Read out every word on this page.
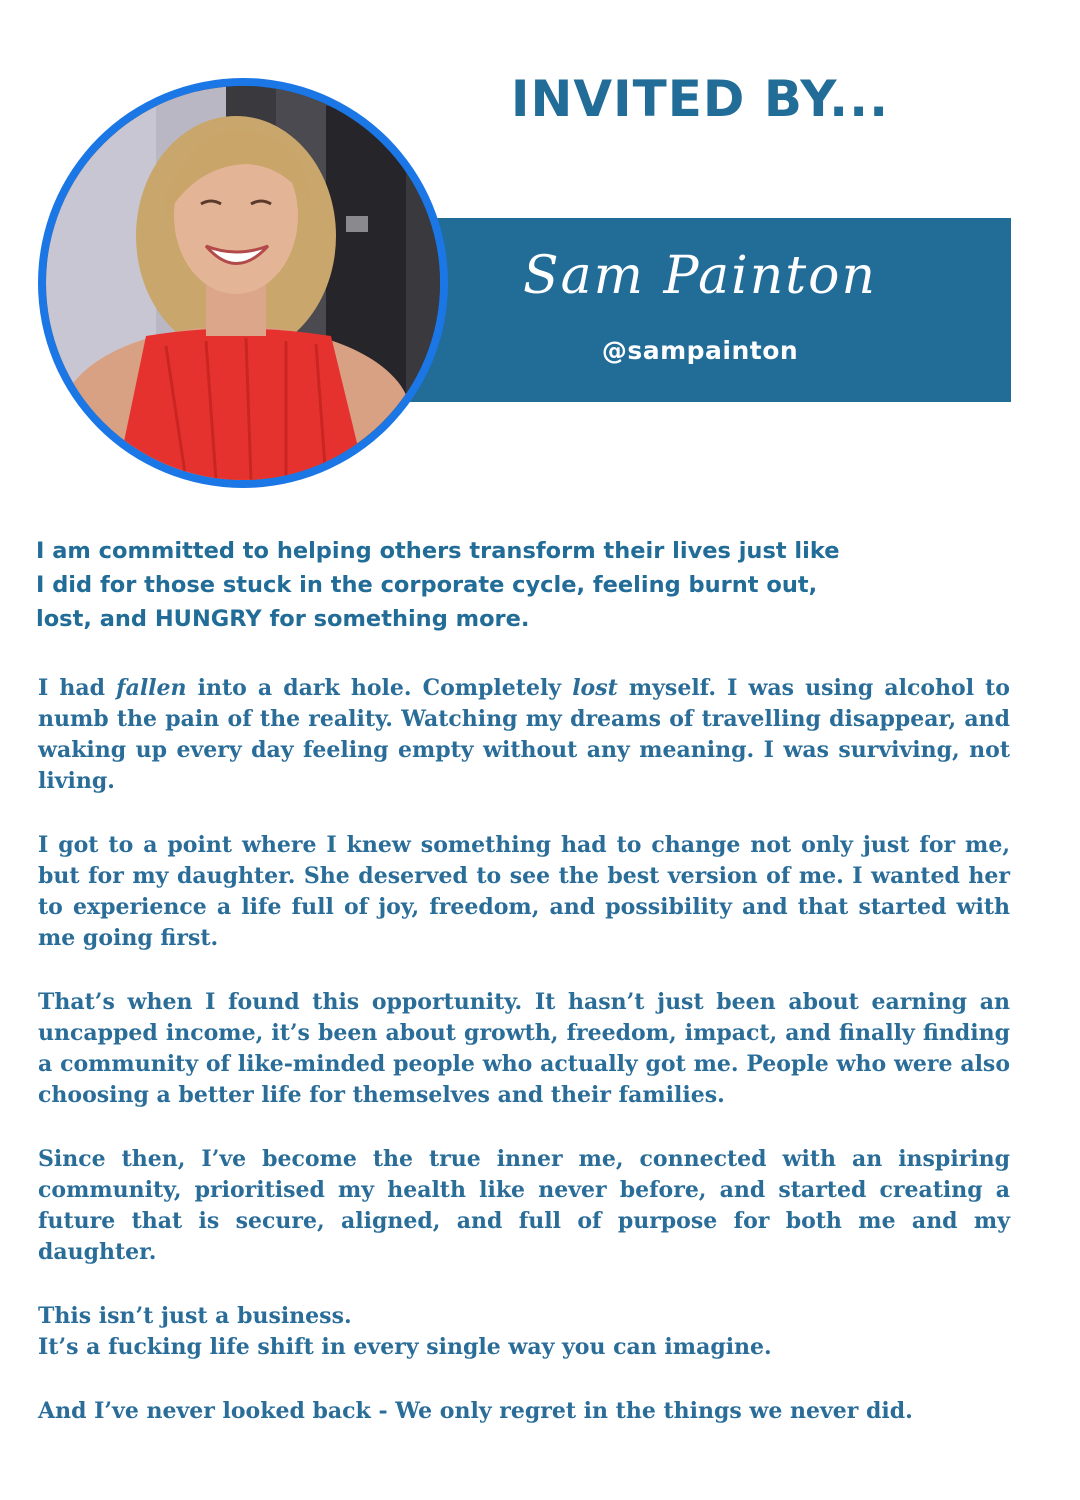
INVITED BY...
Sam Painton
@sampainton
I am committed to helping others transform their lives just like
I did for those stuck in the corporate cycle, feeling burnt out,
lost, and HUNGRY for something more.

I had fallen into a dark hole. Completely lost myself. I was using alcohol to numb the pain of the reality. Watching my dreams of travelling disappear, and waking up every day feeling empty without any meaning. I was surviving, not living.

I got to a point where I knew something had to change not only just for me, but for my daughter. She deserved to see the best version of me. I wanted her to experience a life full of joy, freedom, and possibility and that started with me going first.

That’s when I found this opportunity. It hasn’t just been about earning an uncapped income, it’s been about growth, freedom, impact, and finally finding a community of like-minded people who actually got me. People who were also choosing a better life for themselves and their families.

Since then, I’ve become the true inner me, connected with an inspiring community, prioritised my health like never before, and started creating a future that is secure, aligned, and full of purpose for both me and my daughter.

This isn’t just a business.
It’s a fucking life shift in every single way you can imagine.

And I’ve never looked back - We only regret in the things we never did.
